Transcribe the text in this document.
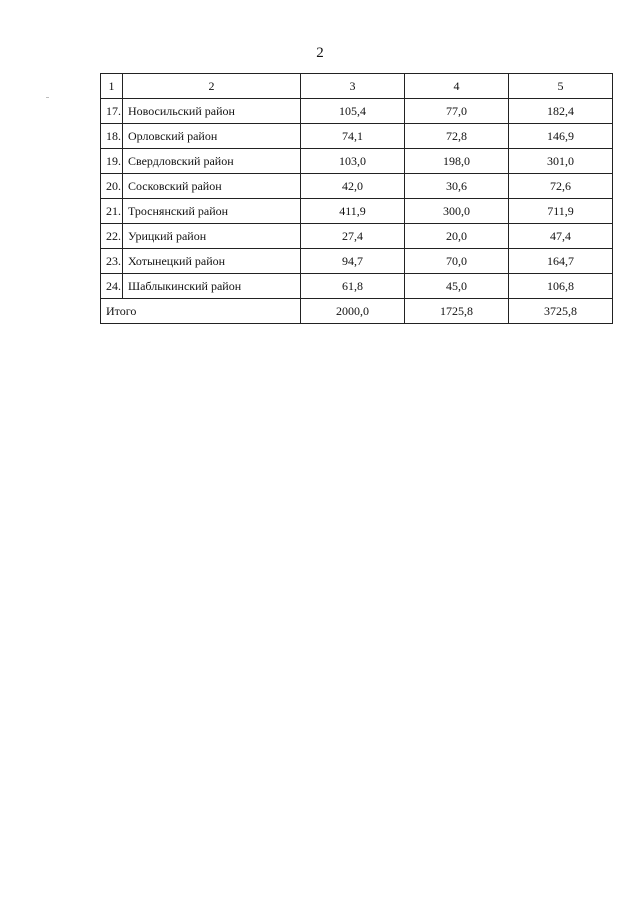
2
1	2	3	4	5
17.	Новосильский район	105,4	77,0	182,4
18.	Орловский район	74,1	72,8	146,9
19.	Свердловский район	103,0	198,0	301,0
20.	Сосковский район	42,0	30,6	72,6
21.	Троснянский район	411,9	300,0	711,9
22.	Урицкий район	27,4	20,0	47,4
23.	Хотынецкий район	94,7	70,0	164,7
24.	Шаблыкинский район	61,8	45,0	106,8
Итого		2000,0	1725,8	3725,8
